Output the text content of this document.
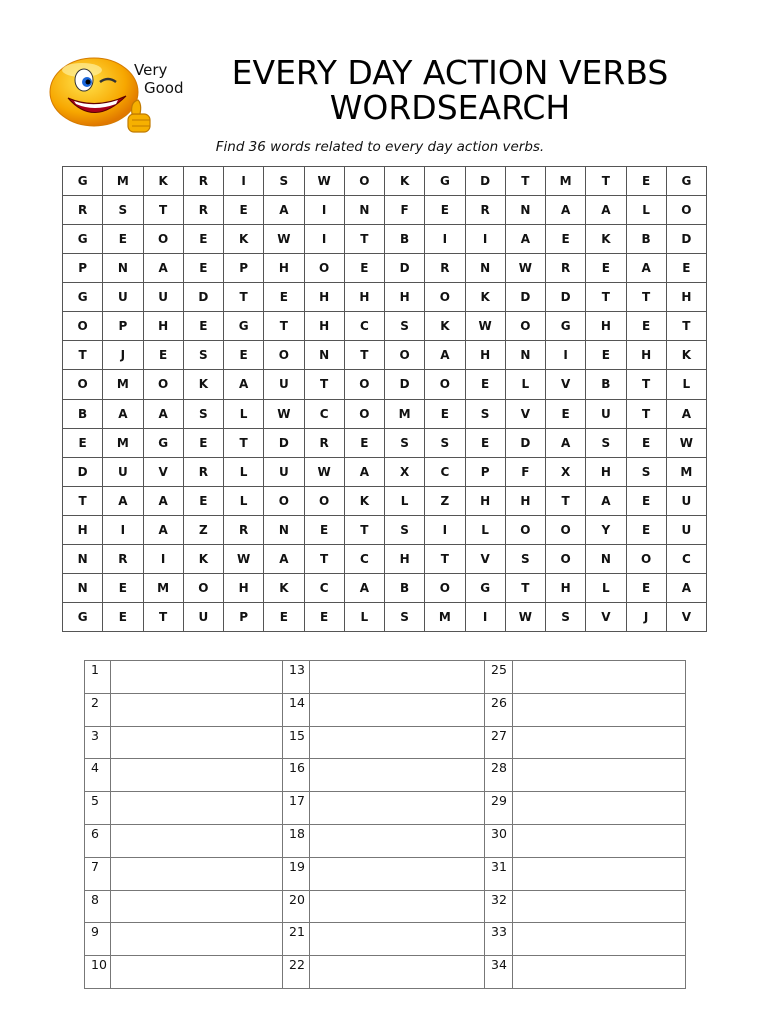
Very
Good	EVERY DAY ACTION VERBS
WORDSEARCH
Find 36 words related to every day action verbs.
G	M	K	R	I	S	W	O	K	G	D	T	M	T	E	G
R	S	T	R	E	A	I	N	F	E	R	N	A	A	L	O
G	E	O	E	K	W	I	T	B	I	I	A	E	K	B	D
P	N	A	E	P	H	O	E	D	R	N	W	R	E	A	E
G	U	U	D	T	E	H	H	H	O	K	D	D	T	T	H
O	P	H	E	G	T	H	C	S	K	W	O	G	H	E	T
T	J	E	S	E	O	N	T	O	A	H	N	I	E	H	K
O	M	O	K	A	U	T	O	D	O	E	L	V	B	T	L
B	A	A	S	L	W	C	O	M	E	S	V	E	U	T	A
E	M	G	E	T	D	R	E	S	S	E	D	A	S	E	W
D	U	V	R	L	U	W	A	X	C	P	F	X	H	S	M
T	A	A	E	L	O	O	K	L	Z	H	H	T	A	E	U
H	I	A	Z	R	N	E	T	S	I	L	O	O	Y	E	U
N	R	I	K	W	A	T	C	H	T	V	S	O	N	O	C
N	E	M	O	H	K	C	A	B	O	G	T	H	L	E	A
G	E	T	U	P	E	E	L	S	M	I	W	S	V	J	V
1		13		25	
2		14		26	
3		15		27	
4		16		28	
5		17		29	
6		18		30	
7		19		31	
8		20		32	
9		21		33	
10		22		34	
